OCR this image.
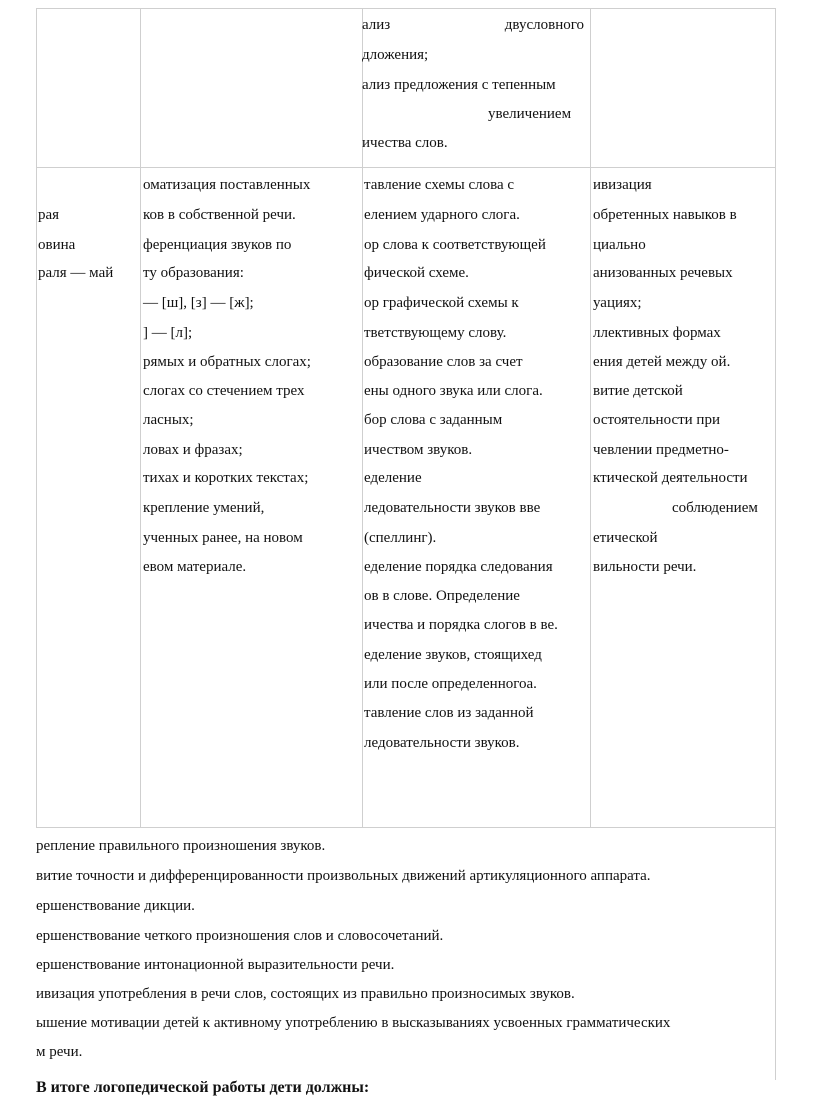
ализ	двусловного
дложения;
ализ предложения с тепенным
увеличением
ичества слов.
рая
овина
раля — май
оматизация поставленных
ков в собственной речи.
ференциация звуков по
ту образования:
— [ш], [з] — [ж];
] — [л];
рямых и обратных слогах;
слогах со стечением трех
ласных;
ловах и фразах;
тихах и коротких текстах;
крепление умений,
ученных ранее, на новом
евом материале.
тавление схемы слова с
елением ударного слога.
ор слова к соответствующей
фической схеме.
ор графической схемы к
тветствующему слову.
образование слов за счет
ены одного звука или слога.
бор слова с заданным
ичеством звуков.
еделение
ледовательности звуков вве
(спеллинг).
еделение порядка следования
ов в слове. Определение
ичества и порядка слогов в ве.
еделение звуков, стоящихед
или после определенногоа.
тавление слов из заданной
ледовательности звуков.
ивизация
обретенных навыков в
циально
анизованных речевых
уациях;
ллективных формах
ения детей между ой.
витие детской
остоятельности при
чевлении предметно-
ктической деятельности
соблюдением
етической
вильности речи.
репление правильного произношения звуков.
витие точности и дифференцированности произвольных движений артикуляционного аппарата.
ершенствование дикции.
ершенствование четкого произношения слов и словосочетаний.
ершенствование интонационной выразительности речи.
ивизация употребления в речи слов, состоящих из правильно произносимых звуков.
ышение мотивации детей к активному употреблению в высказываниях усвоенных грамматических
м речи.
В итоге логопедической работы дети должны:
